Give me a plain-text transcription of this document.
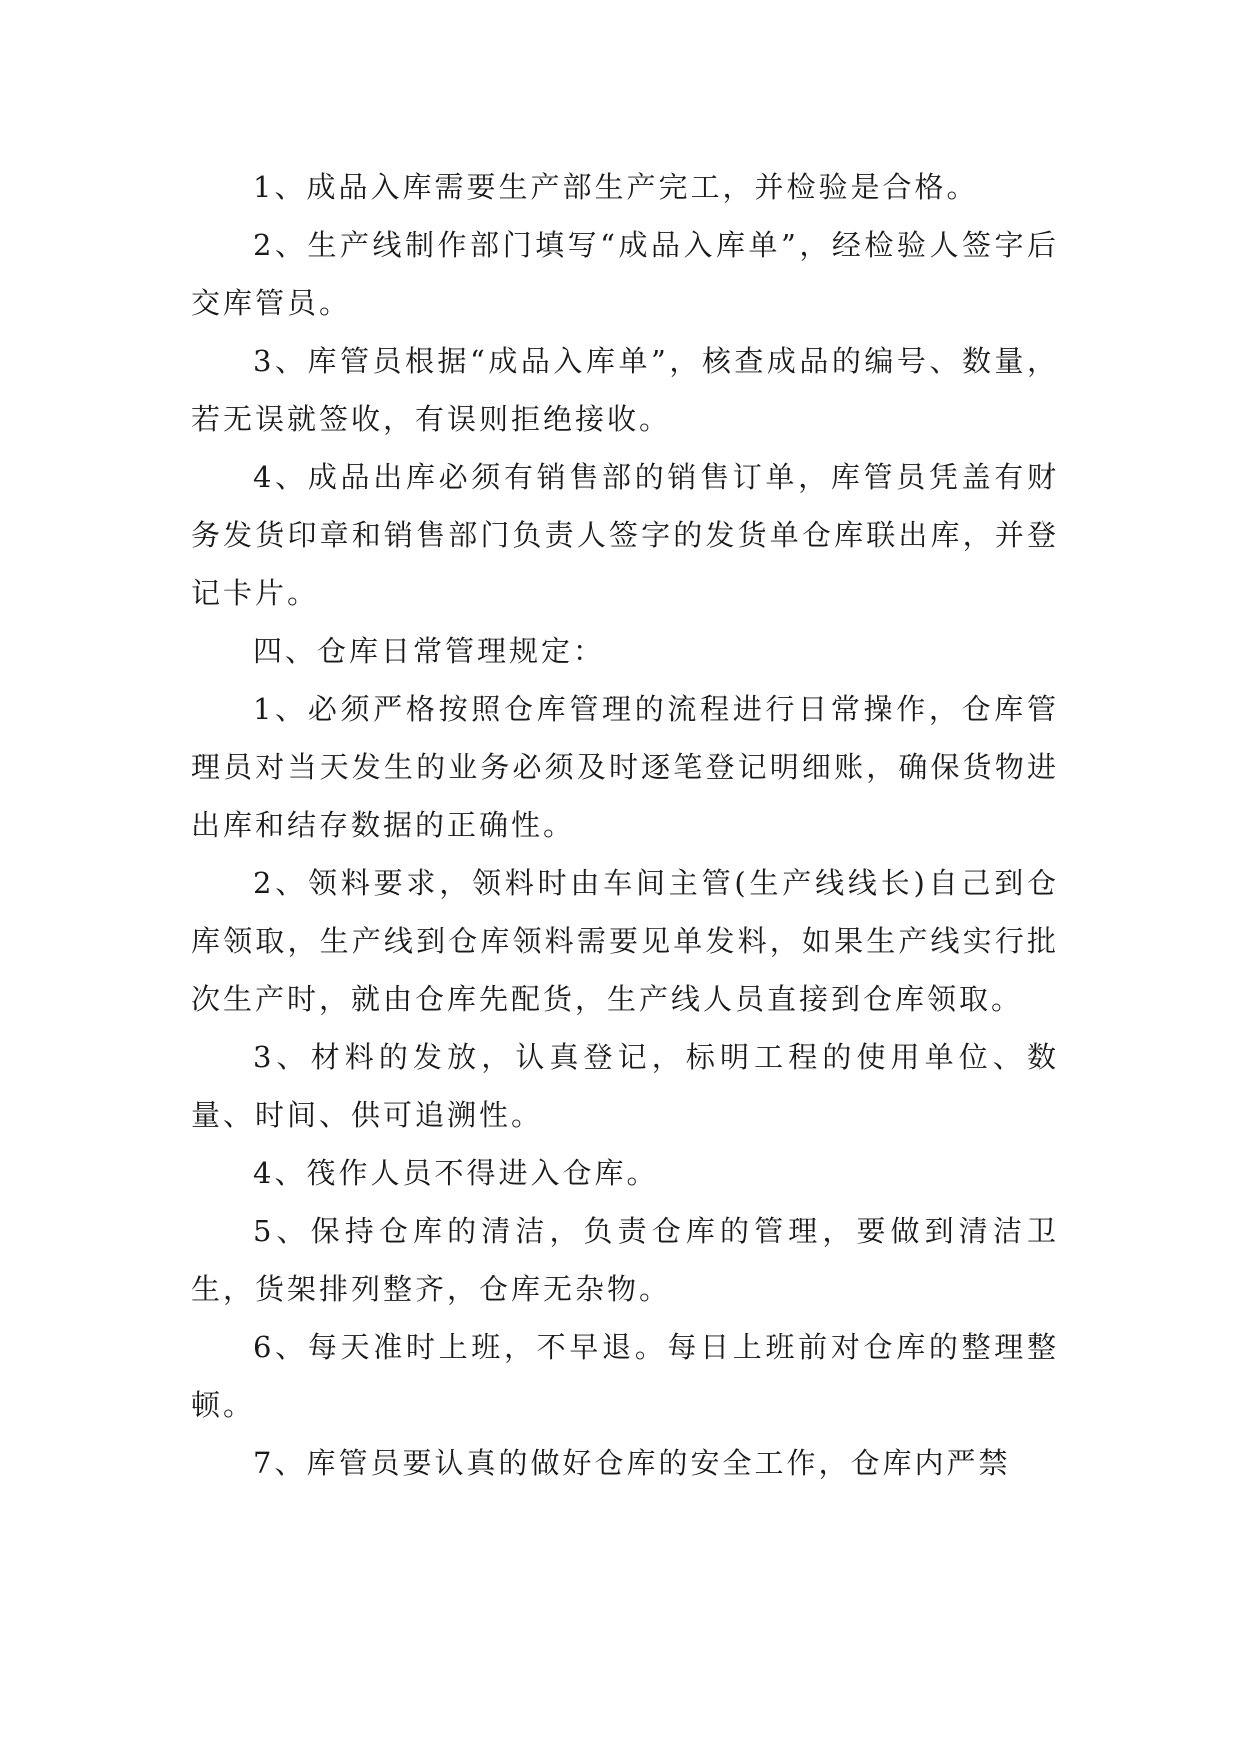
1、成品入库需要生产部生产完工，并检验是合格。

2、生产线制作部门填写“成品入库单”，经检验人签字后交库管员。

3、库管员根据“成品入库单”，核查成品的编号、数量，若无误就签收，有误则拒绝接收。

4、成品出库必须有销售部的销售订单，库管员凭盖有财务发货印章和销售部门负责人签字的发货单仓库联出库，并登记卡片。

四、仓库日常管理规定：

1、必须严格按照仓库管理的流程进行日常操作，仓库管理员对当天发生的业务必须及时逐笔登记明细账，确保货物进出库和结存数据的正确性。

2、领料要求，领料时由车间主管(生产线线长)自己到仓库领取，生产线到仓库领料需要见单发料，如果生产线实行批次生产时，就由仓库先配货，生产线人员直接到仓库领取。

3、材料的发放，认真登记，标明工程的使用单位、数量、时间、供可追溯性。

4、筏作人员不得进入仓库。

5、保持仓库的清洁，负责仓库的管理，要做到清洁卫生，货架排列整齐，仓库无杂物。

6、每天准时上班，不早退。每日上班前对仓库的整理整顿。

7、库管员要认真的做好仓库的安全工作，仓库内严禁
